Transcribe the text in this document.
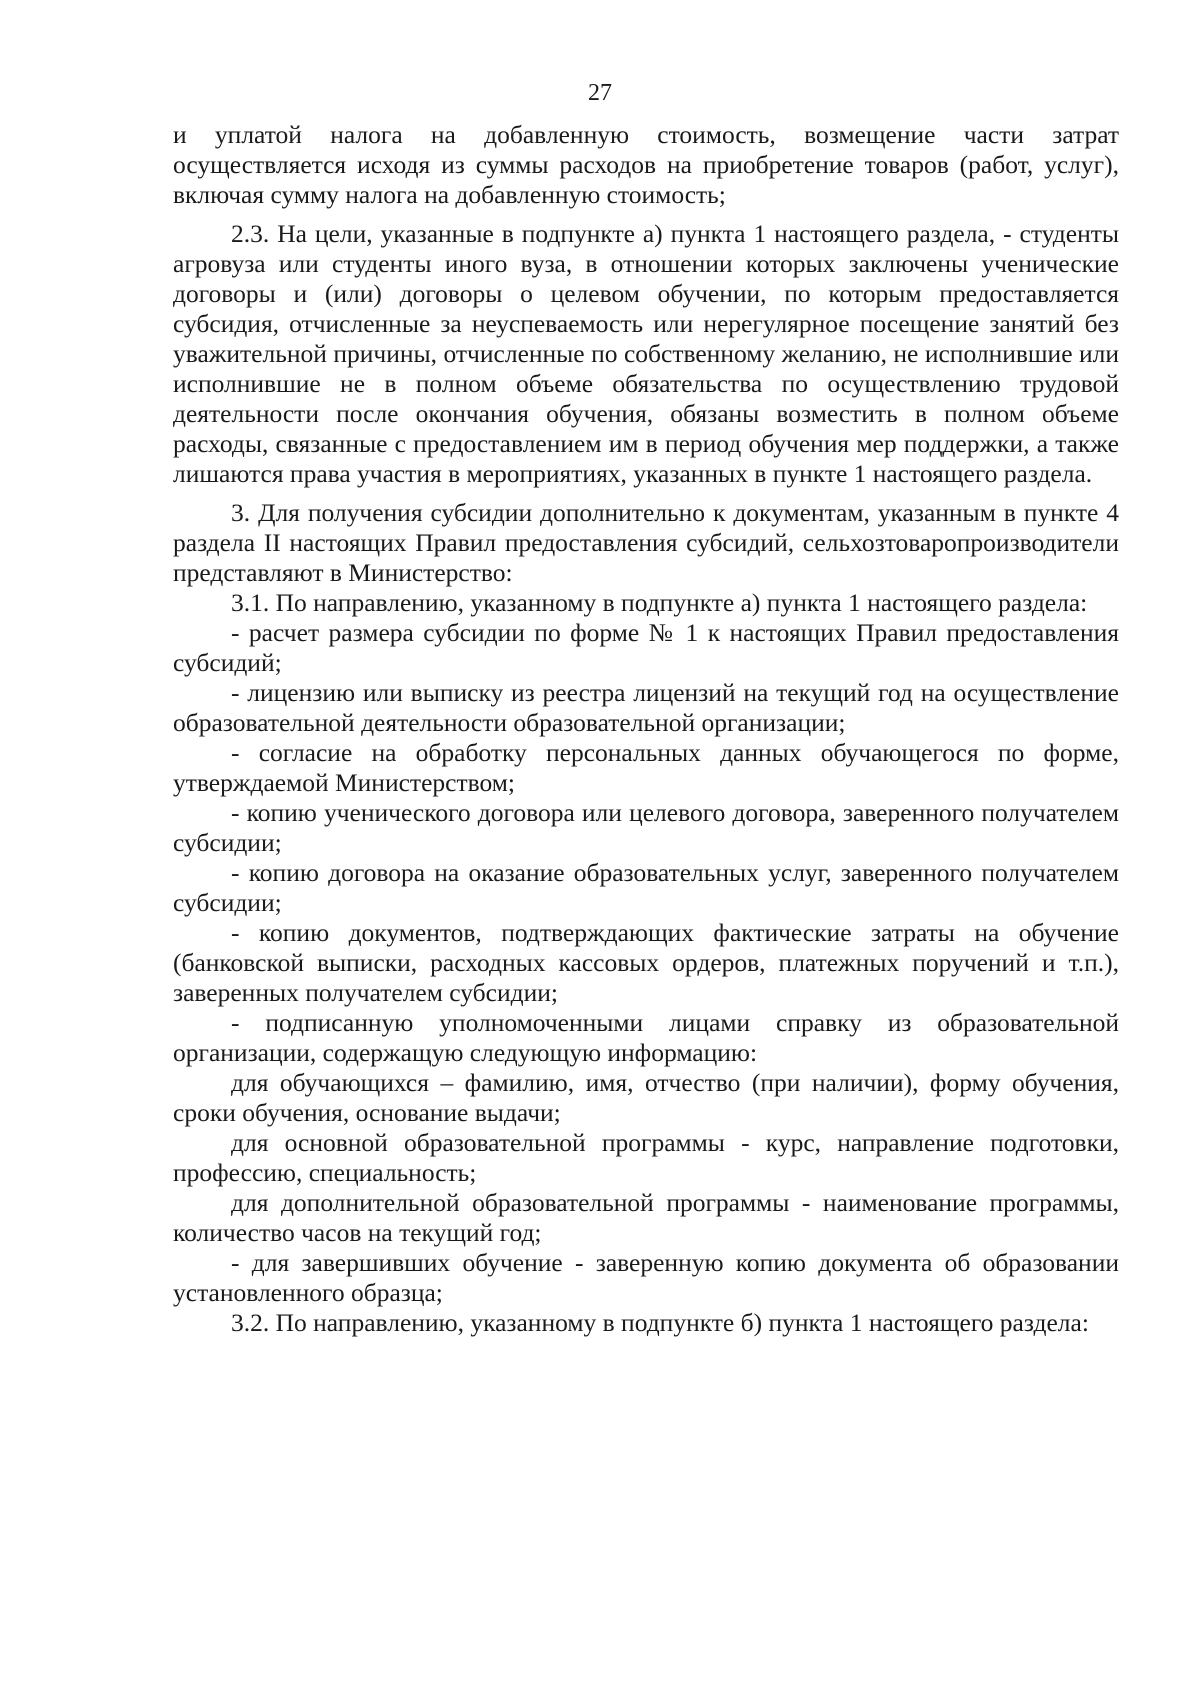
27

и уплатой налога на добавленную стоимость, возмещение части затрат осуществляется исходя из суммы расходов на приобретение товаров (работ, услуг), включая сумму налога на добавленную стоимость;

2.3. На цели, указанные в подпункте а) пункта 1 настоящего раздела, - студенты агровуза или студенты иного вуза, в отношении которых заключены ученические договоры и (или) договоры о целевом обучении, по которым предоставляется субсидия, отчисленные за неуспеваемость или нерегулярное посещение занятий без уважительной причины, отчисленные по собственному желанию, не исполнившие или исполнившие не в полном объеме обязательства по осуществлению трудовой деятельности после окончания обучения, обязаны возместить в полном объеме расходы, связанные с предоставлением им в период обучения мер поддержки, а также лишаются права участия в мероприятиях, указанных в пункте 1 настоящего раздела.

3. Для получения субсидии дополнительно к документам, указанным в пункте 4 раздела II настоящих Правил предоставления субсидий, сельхозтоваропроизводители представляют в Министерство:

3.1. По направлению, указанному в подпункте а) пункта 1 настоящего раздела:

- расчет размера субсидии по форме № 1 к настоящих Правил предоставления субсидий;

- лицензию или выписку из реестра лицензий на текущий год на осуществление образовательной деятельности образовательной организации;

- согласие на обработку персональных данных обучающегося по форме, утверждаемой Министерством;

- копию ученического договора или целевого договора, заверенного получателем субсидии;

- копию договора на оказание образовательных услуг, заверенного получателем субсидии;

- копию документов, подтверждающих фактические затраты на обучение (банковской выписки, расходных кассовых ордеров, платежных поручений и т.п.), заверенных получателем субсидии;

- подписанную уполномоченными лицами справку из образовательной организации, содержащую следующую информацию:

для обучающихся – фамилию, имя, отчество (при наличии), форму обучения, сроки обучения, основание выдачи;

для основной образовательной программы - курс, направление подготовки, профессию, специальность;

для дополнительной образовательной программы - наименование программы, количество часов на текущий год;

- для завершивших обучение - заверенную копию документа об образовании установленного образца;

3.2. По направлению, указанному в подпункте б) пункта 1 настоящего раздела:
